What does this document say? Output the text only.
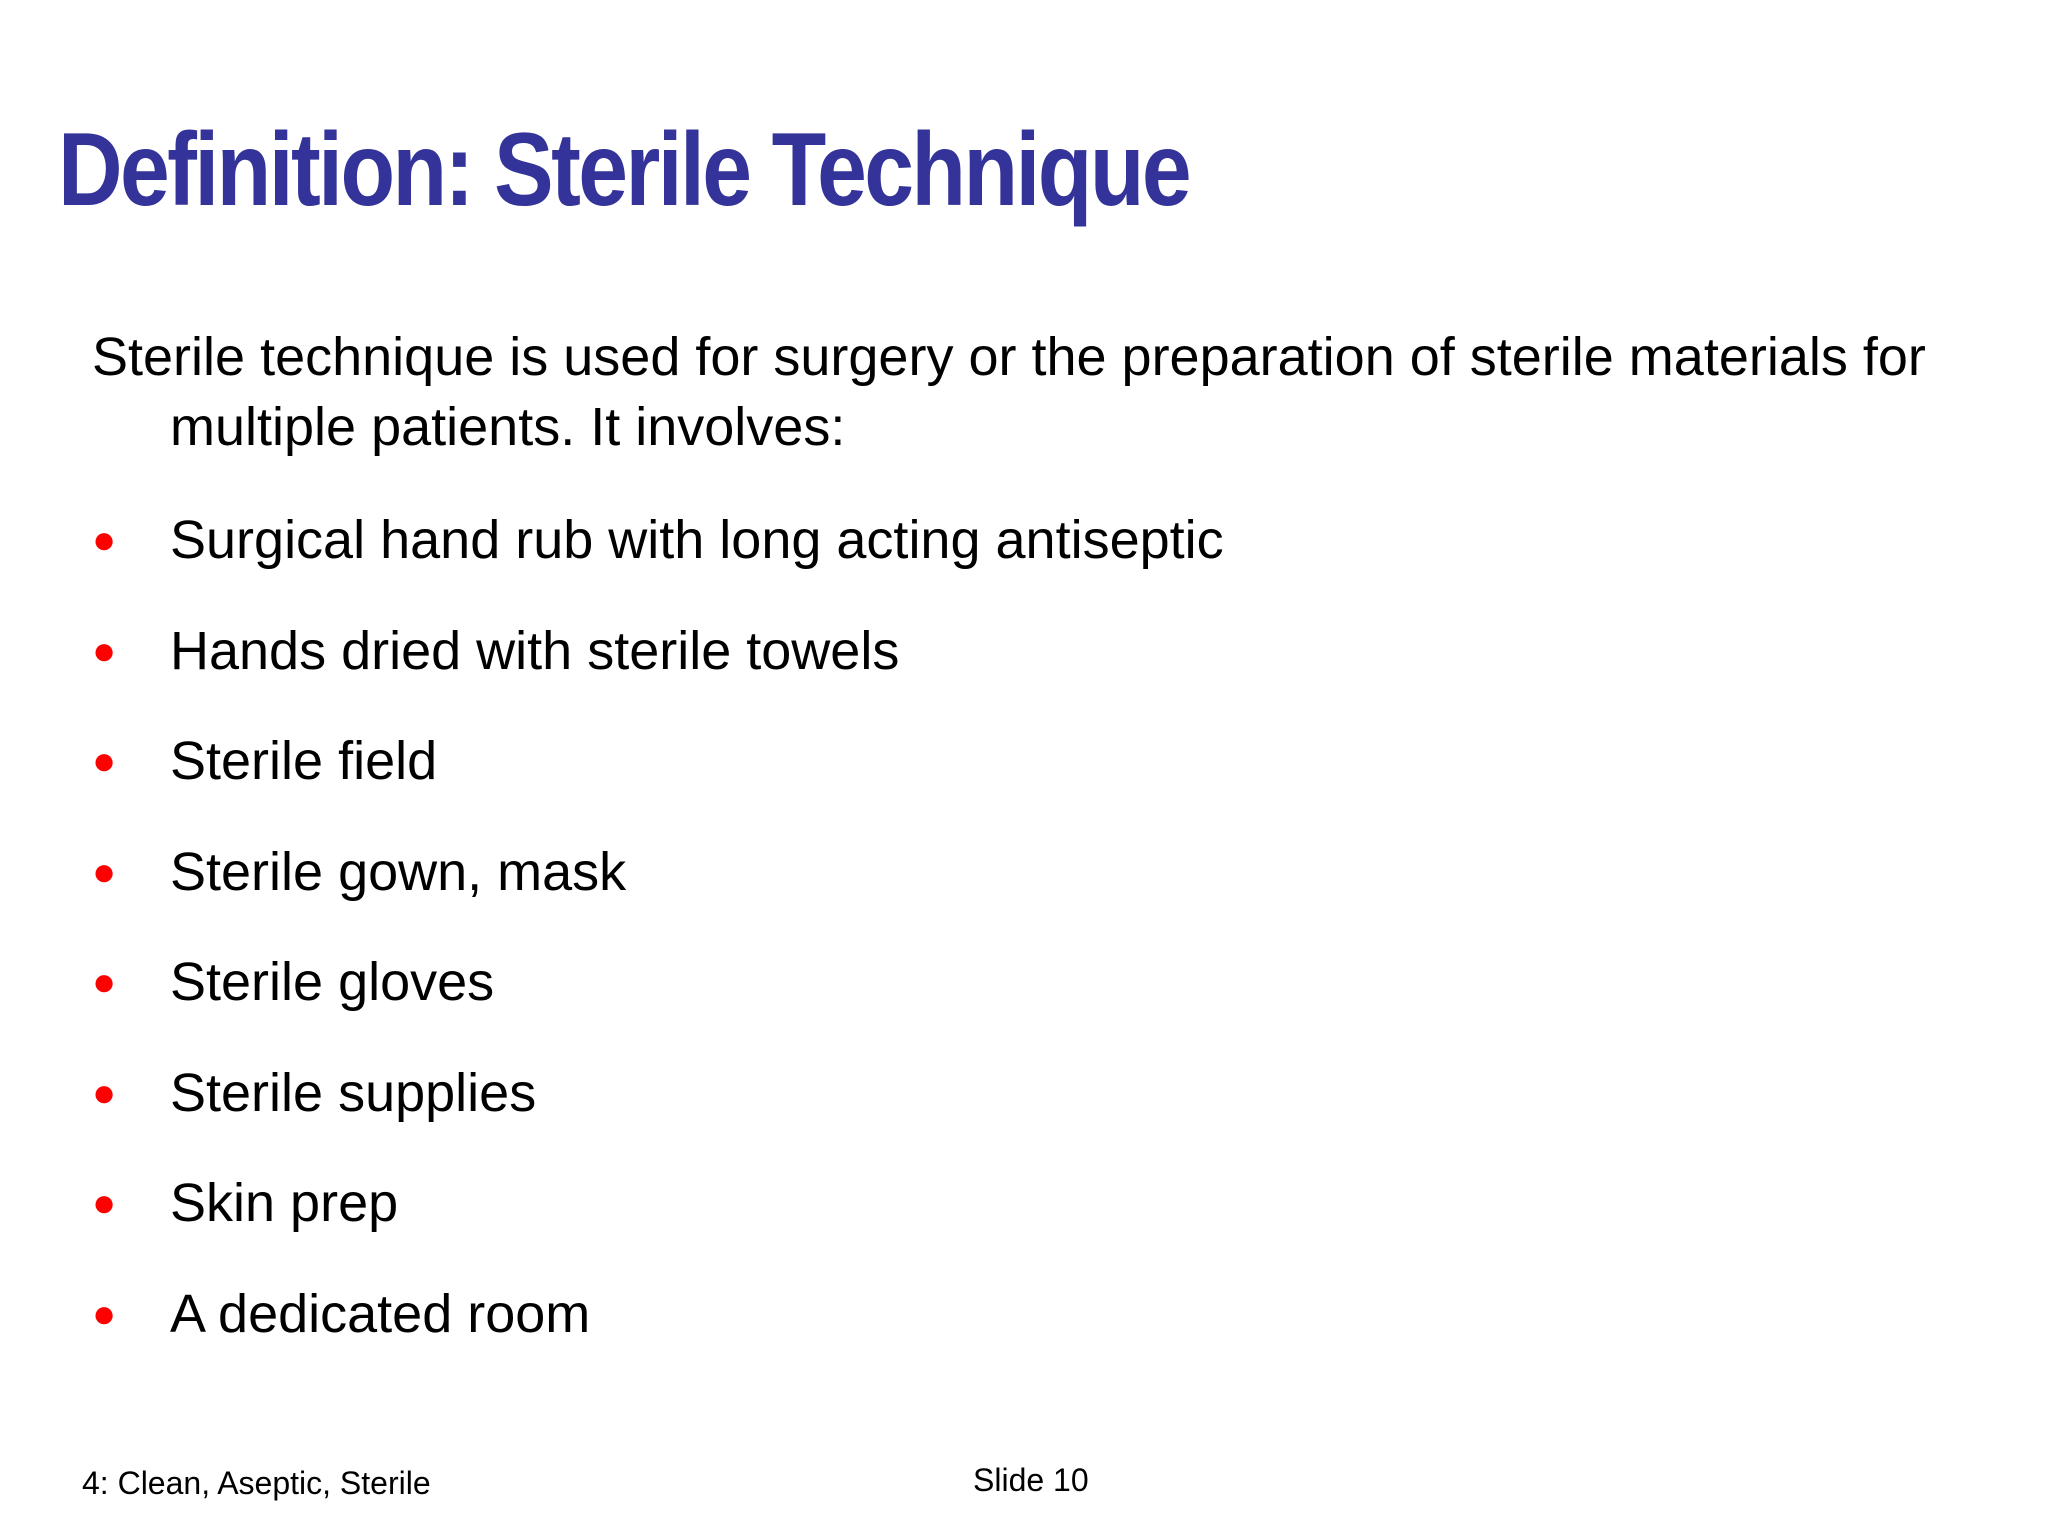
Definition: Sterile Technique

Sterile technique is used for surgery or the preparation of sterile materials for multiple patients. It involves:

● Surgical hand rub with long acting antiseptic
● Hands dried with sterile towels
● Sterile field
● Sterile gown, mask
● Sterile gloves
● Sterile supplies
● Skin prep
● A dedicated room
4: Clean, Aseptic, Sterile	Slide 10
